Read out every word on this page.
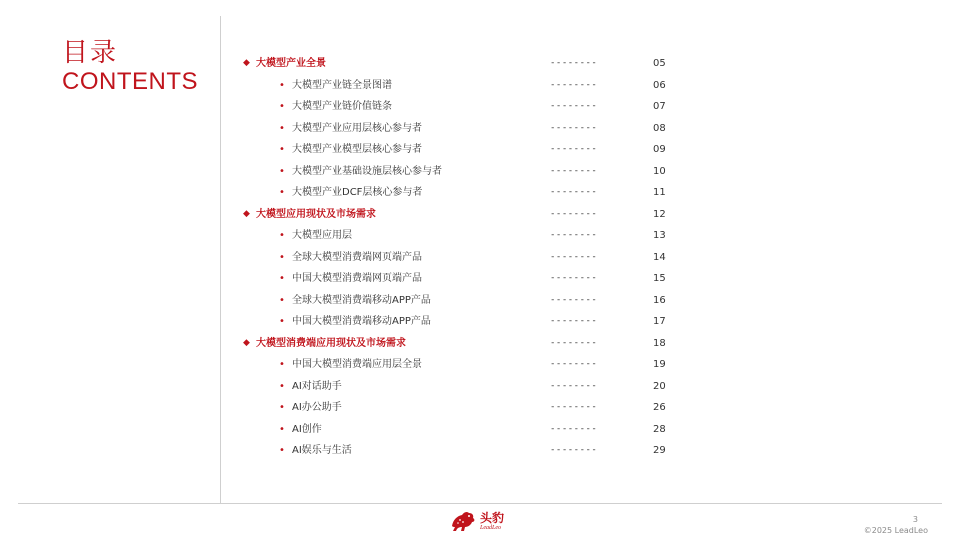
目录
CONTENTS
◆ 大模型产业全景	--------	05
• 大模型产业链全景图谱	--------	06
• 大模型产业链价值链条	--------	07
• 大模型产业应用层核心参与者	--------	08
• 大模型产业模型层核心参与者	--------	09
• 大模型产业基础设施层核心参与者	--------	10
• 大模型产业DCF层核心参与者	--------	11
◆ 大模型应用现状及市场需求	--------	12
• 大模型应用层	--------	13
• 全球大模型消费端网页端产品	--------	14
• 中国大模型消费端网页端产品	--------	15
• 全球大模型消费端移动APP产品	--------	16
• 中国大模型消费端移动APP产品	--------	17
◆ 大模型消费端应用现状及市场需求	--------	18
• 中国大模型消费端应用层全景	--------	19
• AI对话助手	--------	20
• AI办公助手	--------	26
• AI创作	--------	28
• AI娱乐与生活	--------	29
头豹
LeadLeo
3
©2025 LeadLeo
